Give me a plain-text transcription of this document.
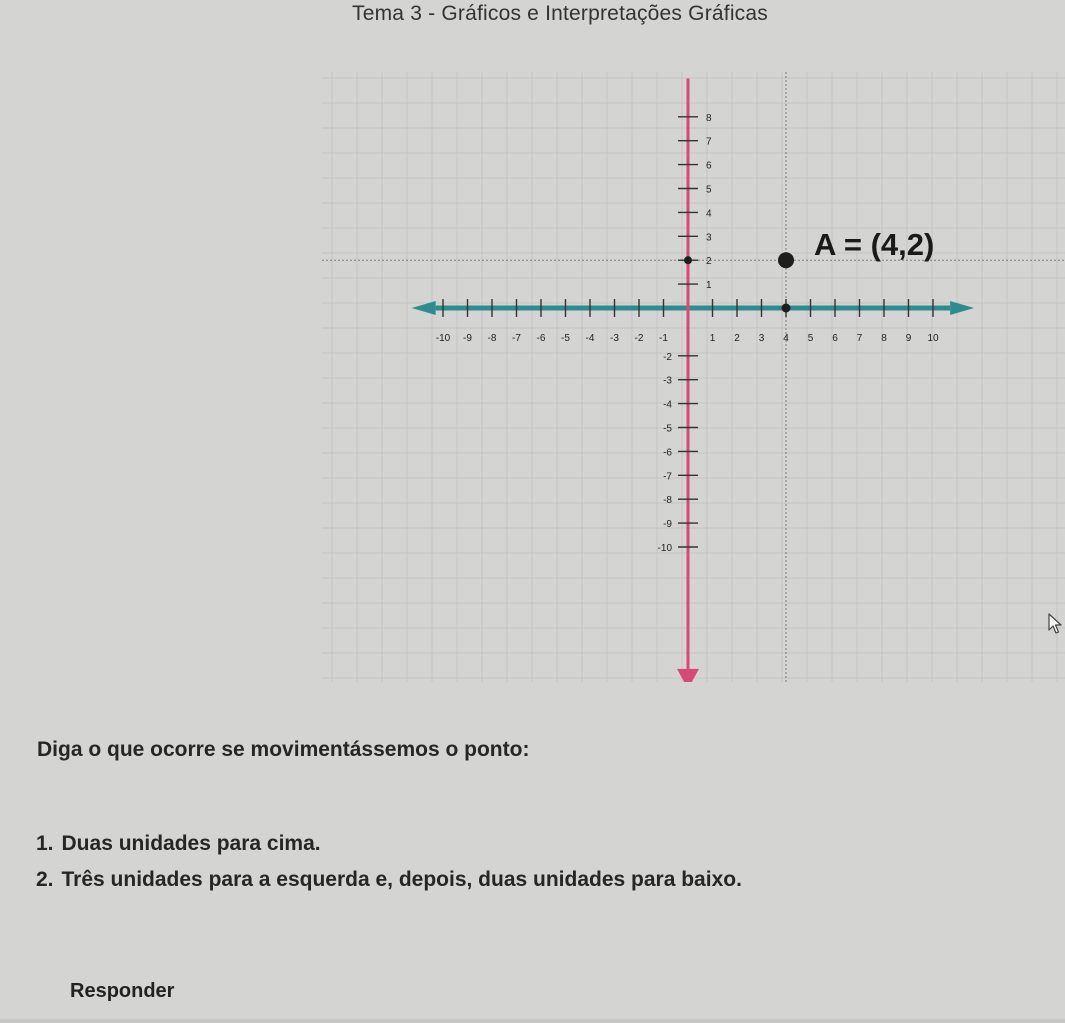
Tema 3 - Gráficos e Interpretações Gráficas
-10 -9 -8 -7 -6 -5 -4 -3 -2 -1	1 2 3 4 5 6 7 8 9 10
8
7
6
5
4
3
2
1
-2
-3
-4
-5
-6
-7
-8
-9
-10
A = (4,2)
Diga o que ocorre se movimentássemos o ponto:
1. Duas unidades para cima.
2. Três unidades para a esquerda e, depois, duas unidades para baixo.
Responder
